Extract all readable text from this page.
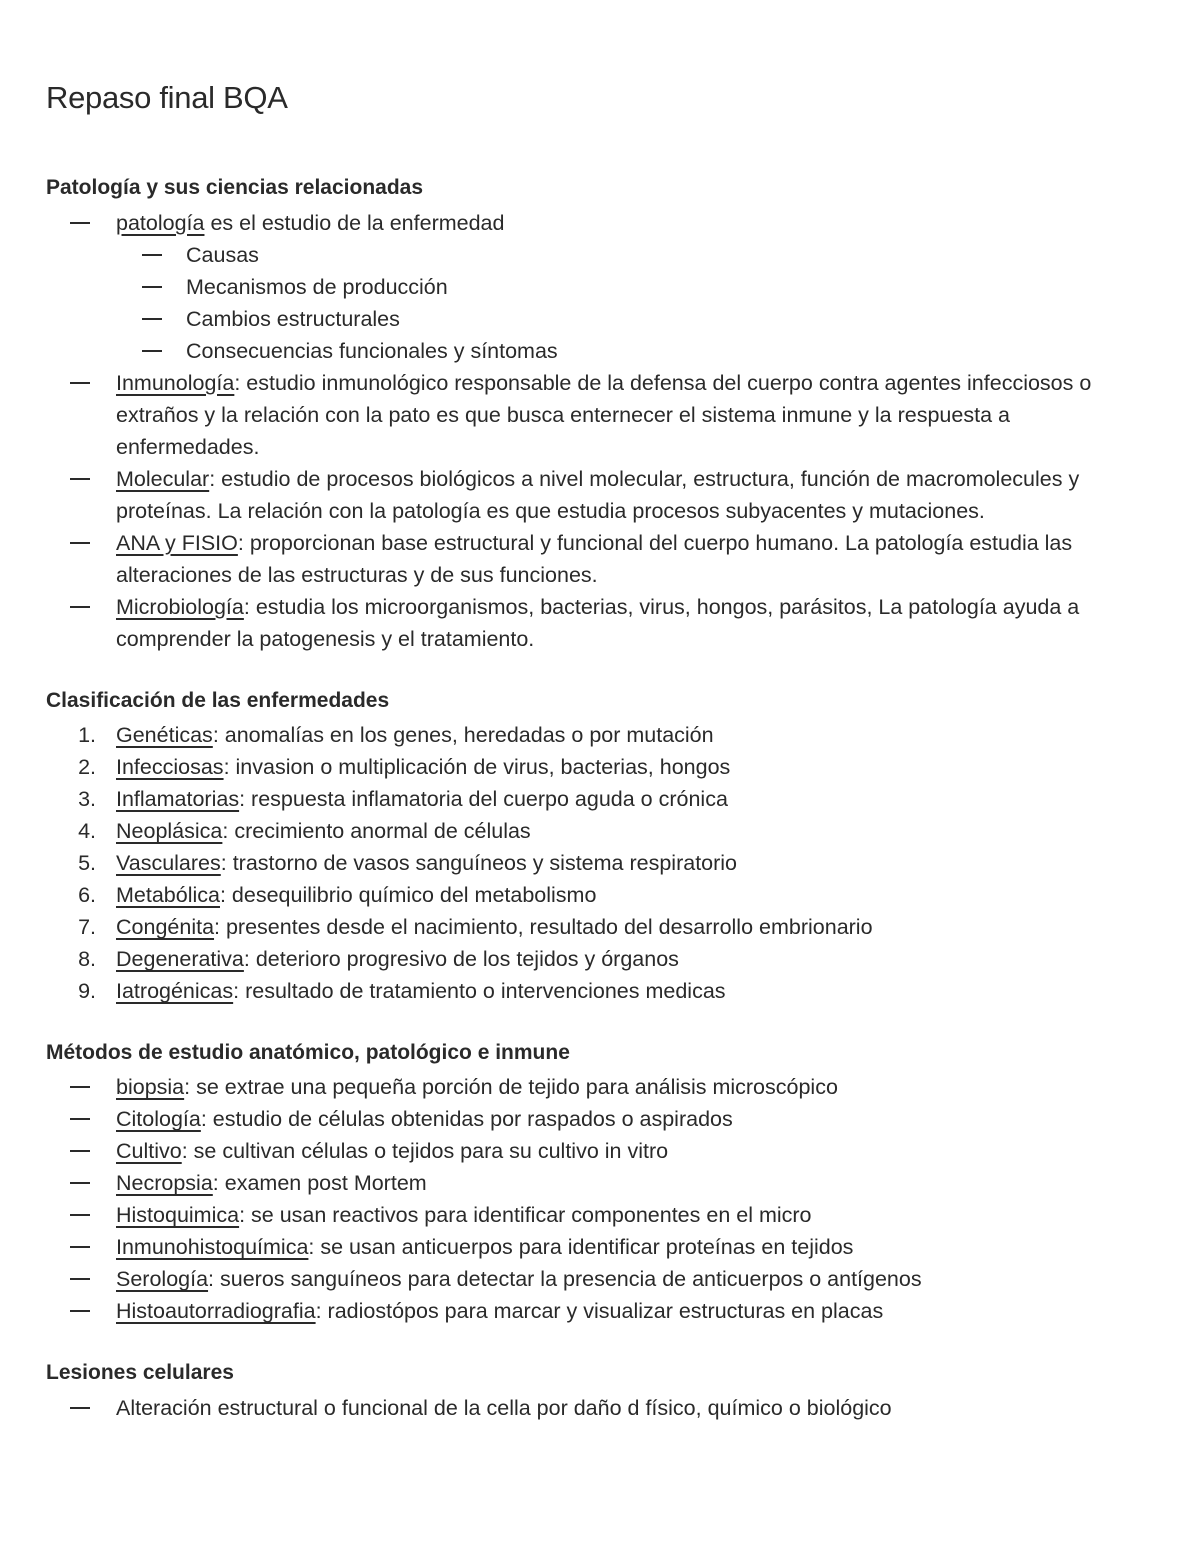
Repaso final BQA
Patología y sus ciencias relacionadas
patología es el estudio de la enfermedad
Causas
Mecanismos de producción
Cambios estructurales
Consecuencias funcionales y síntomas
Inmunología: estudio inmunológico responsable de la defensa del cuerpo contra agentes infecciosos o extraños y la relación con la pato es que busca enternecer el sistema inmune y la respuesta a enfermedades.
Molecular: estudio de procesos biológicos a nivel molecular, estructura, función de macromolecules y proteínas. La relación con la patología es que estudia procesos subyacentes y mutaciones.
ANA y FISIO: proporcionan base estructural y funcional del cuerpo humano. La patología estudia las alteraciones de las estructuras y de sus funciones.
Microbiología: estudia los microorganismos, bacterias, virus, hongos, parásitos, La patología ayuda a comprender la patogenesis y el tratamiento.
Clasificación de las enfermedades
1. Genéticas: anomalías en los genes, heredadas o por mutación
2. Infecciosas: invasion o multiplicación de virus, bacterias, hongos
3. Inflamatorias: respuesta inflamatoria del cuerpo aguda o crónica
4. Neoplásica: crecimiento anormal de células
5. Vasculares: trastorno de vasos sanguíneos y sistema respiratorio
6. Metabólica: desequilibrio químico del metabolismo
7. Congénita: presentes desde el nacimiento, resultado del desarrollo embrionario
8. Degenerativa: deterioro progresivo de los tejidos y órganos
9. Iatrogénicas: resultado de tratamiento o intervenciones medicas
Métodos de estudio anatómico, patológico e inmune
biopsia: se extrae una pequeña porción de tejido para análisis microscópico
Citología: estudio de células obtenidas por raspados o aspirados
Cultivo: se cultivan células o tejidos para su cultivo in vitro
Necropsia: examen post Mortem
Histoquimica: se usan reactivos para identificar componentes en el micro
Inmunohistoquímica: se usan anticuerpos para identificar proteínas en tejidos
Serología: sueros sanguíneos para detectar la presencia de anticuerpos o antígenos
Histoautorradiografia: radiostópos para marcar y visualizar estructuras en placas
Lesiones celulares
Alteración estructural o funcional de la cella por daño d físico, químico o biológico
